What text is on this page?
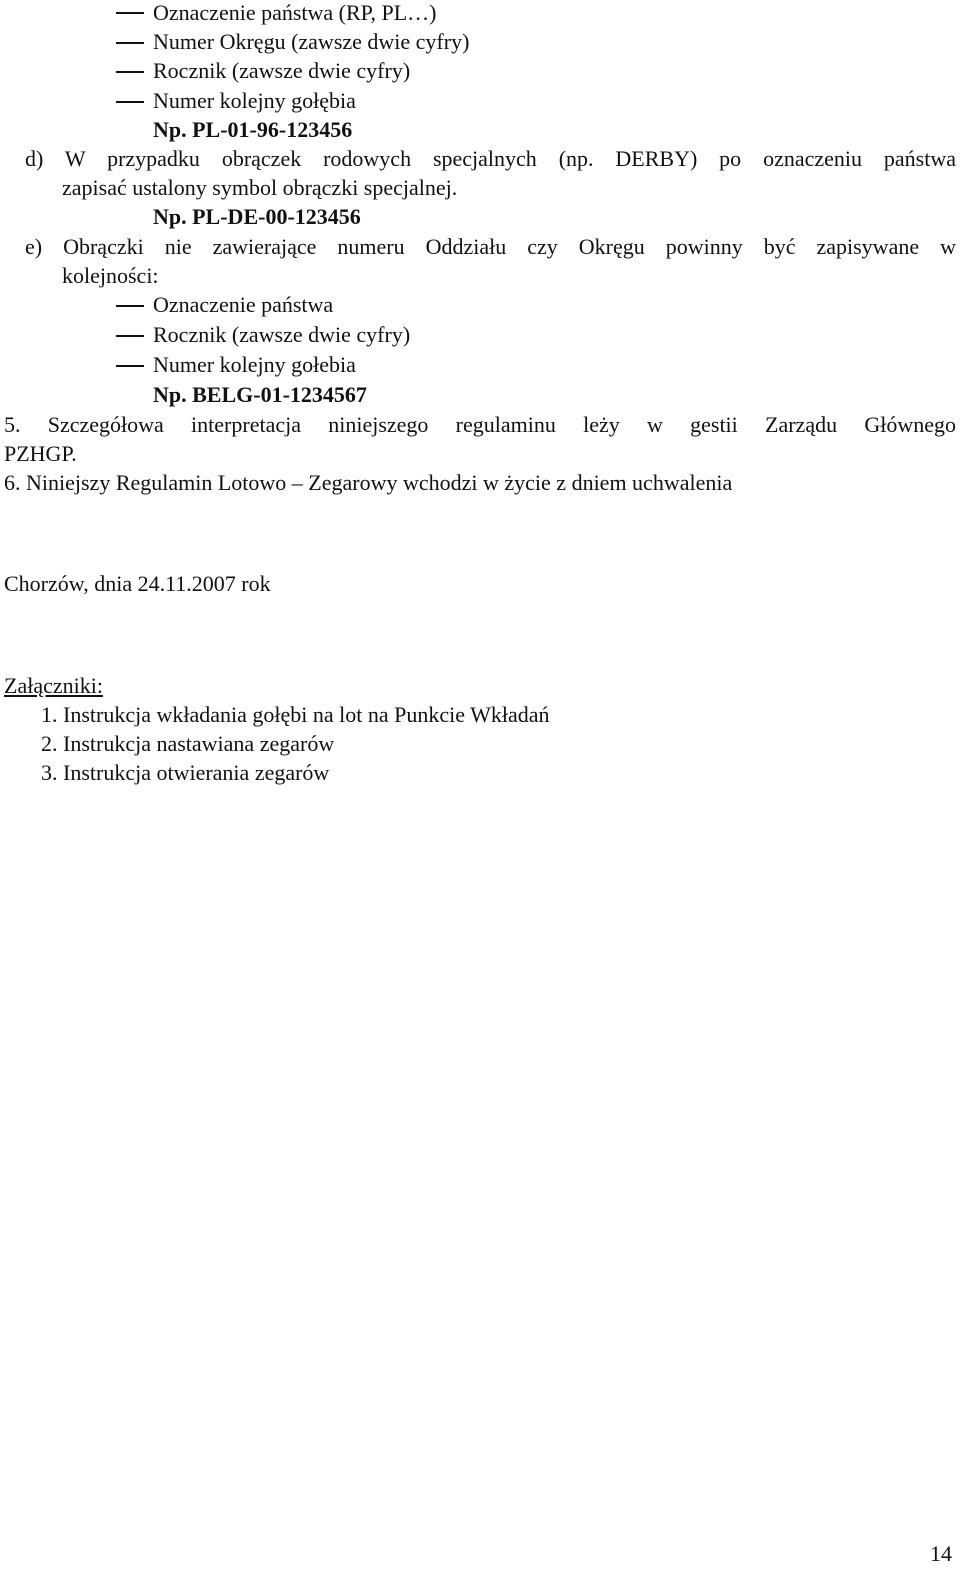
Oznaczenie państwa (RP, PL…)
Numer Okręgu (zawsze dwie cyfry)
Rocznik (zawsze dwie cyfry)
Numer kolejny gołębia
Np. PL-01-96-123456
d) W przypadku obrączek rodowych specjalnych (np. DERBY) po oznaczeniu państwa
zapisać ustalony symbol obrączki specjalnej.
Np. PL-DE-00-123456
e) Obrączki nie zawierające numeru Oddziału czy Okręgu powinny być zapisywane w
kolejności:
Oznaczenie państwa
Rocznik (zawsze dwie cyfry)
Numer kolejny gołebia
Np. BELG-01-1234567
5. Szczegółowa interpretacja niniejszego regulaminu leży w gestii Zarządu Głównego
PZHGP.
6. Niniejszy Regulamin Lotowo – Zegarowy wchodzi w życie z dniem uchwalenia
Chorzów, dnia 24.11.2007 rok
Załączniki:
1. Instrukcja wkładania gołębi na lot na Punkcie Wkładań
2. Instrukcja nastawiana zegarów
3. Instrukcja otwierania zegarów
14
